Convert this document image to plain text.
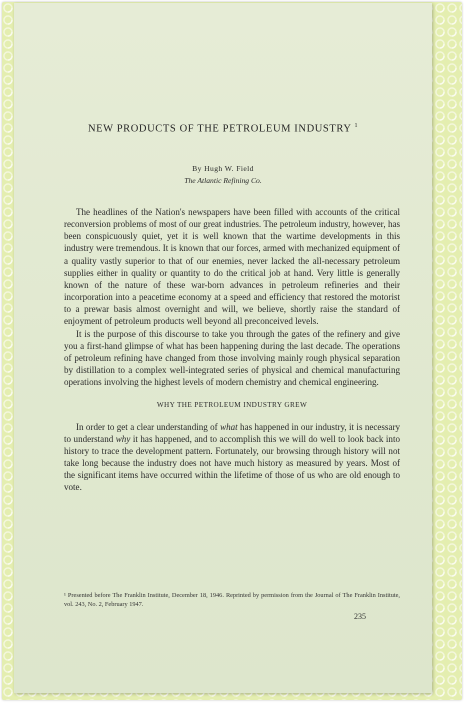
NEW PRODUCTS OF THE PETROLEUM INDUSTRY $^1$
By Hugh W. Field
The Atlantic Refining Co.

The headlines of the Nation's newspapers have been filled with accounts of the critical reconversion problems of most of our great industries. The petroleum industry, however, has been conspicuously quiet, yet it is well known that the wartime developments in this industry were tremendous. It is known that our forces, armed with mechanized equipment of a quality vastly superior to that of our enemies, never lacked the all-necessary petroleum supplies either in quality or quantity to do the critical job at hand. Very little is generally known of the nature of these war-born advances in petroleum refineries and their incorporation into a peacetime economy at a speed and efficiency that restored the motorist to a prewar basis almost overnight and will, we believe, shortly raise the standard of enjoyment of petroleum products well beyond all preconceived levels.

It is the purpose of this discourse to take you through the gates of the refinery and give you a first-hand glimpse of what has been happening during the last decade. The operations of petroleum refining have changed from those involving mainly rough physical separation by distillation to a complex well-integrated series of physical and chemical manufacturing operations involving the highest levels of modern chemistry and chemical engineering.

WHY THE PETROLEUM INDUSTRY GREW

In order to get a clear understanding of what has happened in our industry, it is necessary to understand why it has happened, and to accomplish this we will do well to look back into history to trace the development pattern. Fortunately, our browsing through history will not take long because the industry does not have much history as measured by years. Most of the significant items have occurred within the lifetime of those of us who are old enough to vote.

¹ Presented before The Franklin Institute, December 18, 1946. Reprinted by permission from the Journal of The Franklin Institute, vol. 243, No. 2, February 1947.
235
